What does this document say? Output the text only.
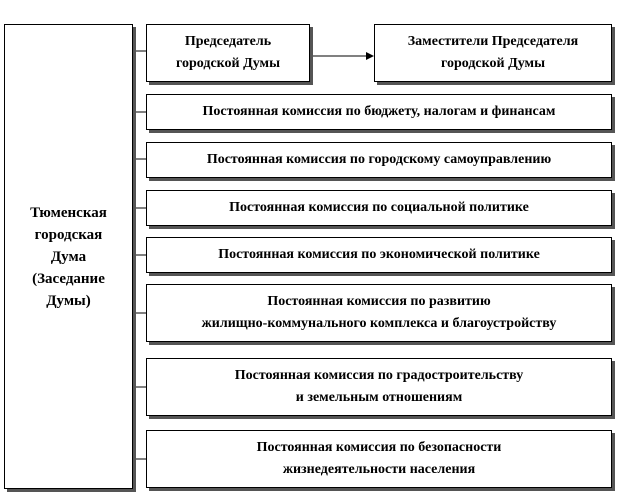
Тюменская
городская
Дума
(Заседание
Думы)
Председатель
городской Думы
Заместители Председателя
городской Думы
Постоянная комиссия по бюджету, налогам и финансам
Постоянная комиссия по городскому самоуправлению
Постоянная комиссия по социальной политике
Постоянная комиссия по экономической политике
Постоянная комиссия по развитию
жилищно-коммунального комплекса и благоустройству
Постоянная комиссия по градостроительству
и земельным отношениям
Постоянная комиссия по безопасности
жизнедеятельности населения
